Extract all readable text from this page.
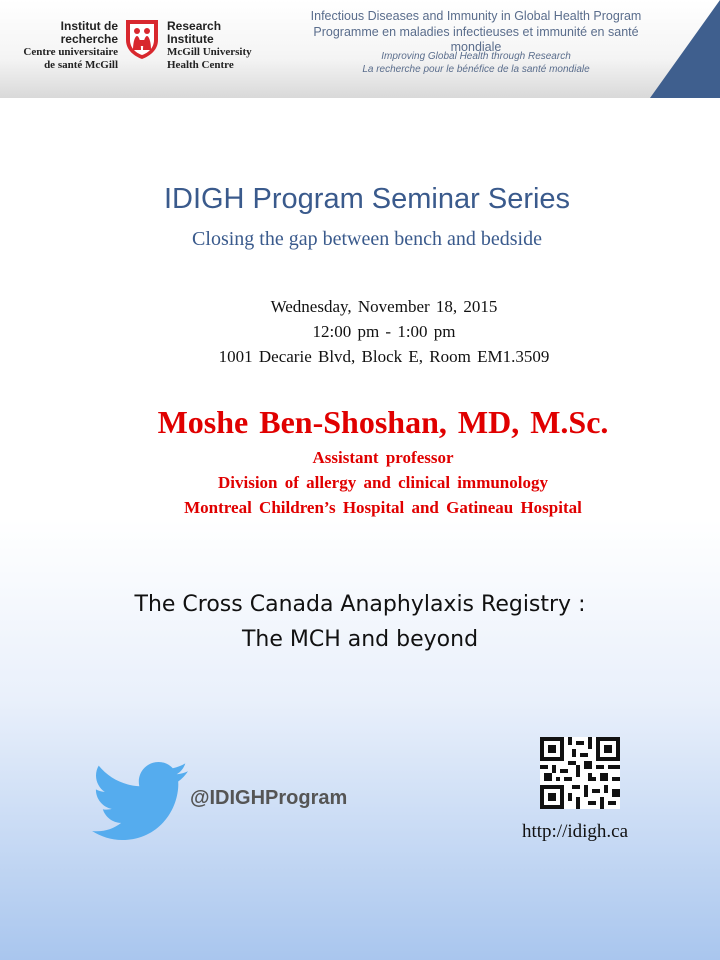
Institut de
recherche
Centre universitaire
de santé McGill
Research
Institute
McGill University
Health Centre
Infectious Diseases and Immunity in Global Health Program
Programme en maladies infectieuses et immunité en santé mondiale
Improving Global Health through Research
La recherche pour le bénéfice de la santé mondiale
IDIGH Program Seminar Series
Closing the gap between bench and bedside
Wednesday, November 18, 2015
12:00 pm - 1:00 pm
1001 Decarie Blvd, Block E, Room EM1.3509
Moshe Ben-Shoshan, MD, M.Sc.
Assistant professor
Division of allergy and clinical immunology
Montreal Children’s Hospital and Gatineau Hospital
The Cross Canada Anaphylaxis Registry :
The MCH and beyond
@IDIGHProgram
http://idigh.ca
